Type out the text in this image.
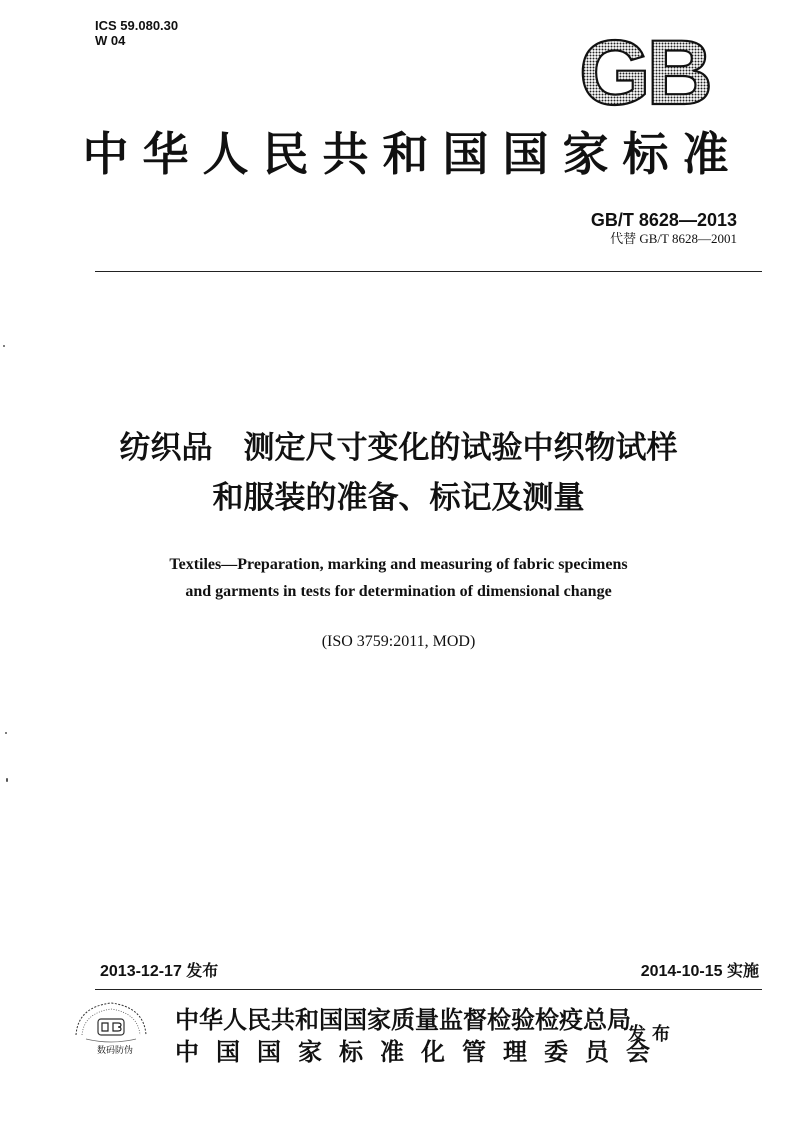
ICS 59.080.30
W 04	GB
中华人民共和国国家标准
GB/T 8628—2013
代替 GB/T 8628—2001
纺织品　测定尺寸变化的试验中织物试样
和服装的准备、标记及测量
Textiles—Preparation, marking and measuring of fabric specimens
and garments in tests for determination of dimensional change
(ISO 3759:2011, MOD)
2013-12-17 发布	2014-10-15 实施
数码防伪
中华人民共和国国家质量监督检验检疫总局
中国国家标准化管理委员会
发布
